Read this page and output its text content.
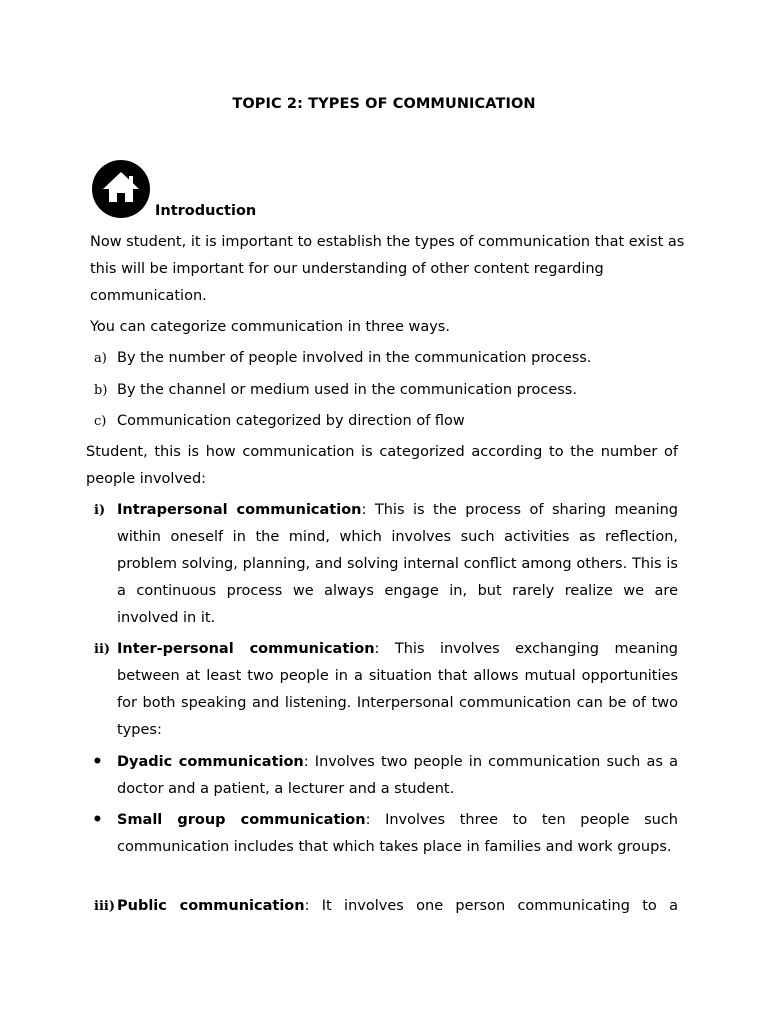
TOPIC 2: TYPES OF COMMUNICATION
Introduction
Now student, it is important to establish the types of communication that exist as this will be important for our understanding of other content regarding communication.
You can categorize communication in three ways.
a) By the number of people involved in the communication process.
b) By the channel or medium used in the communication process.
c) Communication categorized by direction of flow
Student, this is how communication is categorized according to the number of people involved:
i) Intrapersonal communication: This is the process of sharing meaning within oneself in the mind, which involves such activities as reflection, problem solving, planning, and solving internal conflict among others. This is a continuous process we always engage in, but rarely realize we are involved in it.
ii) Inter-personal communication: This involves exchanging meaning between at least two people in a situation that allows mutual opportunities for both speaking and listening. Interpersonal communication can be of two types:
• Dyadic communication: Involves two people in communication such as a doctor and a patient, a lecturer and a student.
• Small group communication: Involves three to ten people such communication includes that which takes place in families and work groups.
iii) Public communication: It involves one person communicating to a
